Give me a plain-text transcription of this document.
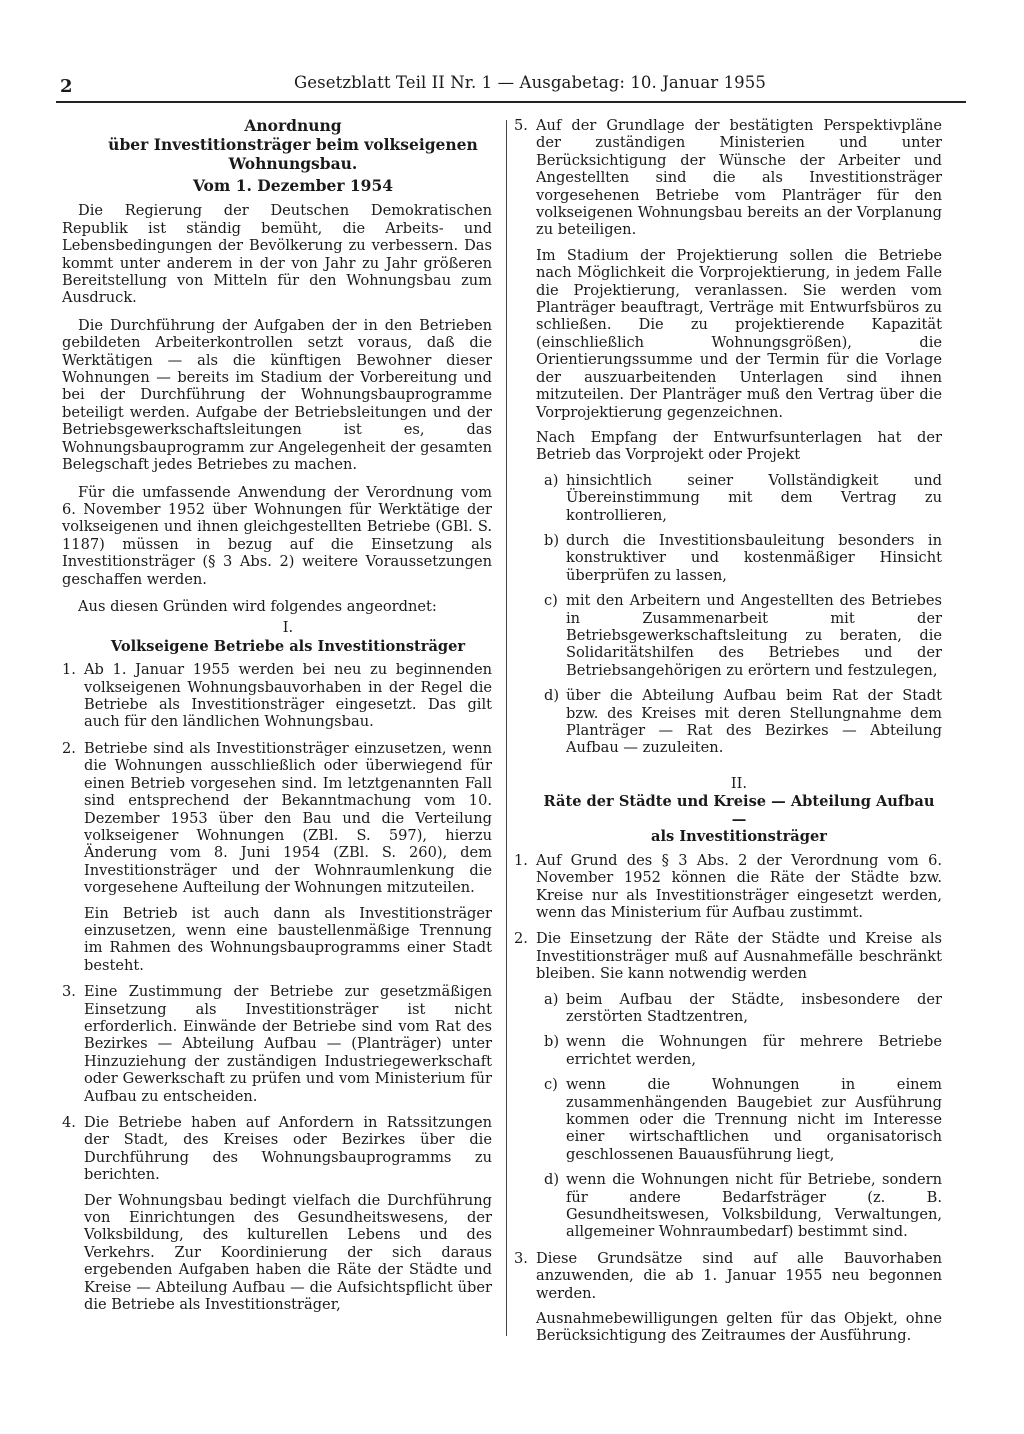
2	Gesetzblatt Teil II Nr. 1 — Ausgabetag: 10. Januar 1955
Anordnung
über Investitionsträger beim volkseigenen
Wohnungsbau.
Vom 1. Dezember 1954

Die Regierung der Deutschen Demokratischen Republik ist ständig bemüht, die Arbeits- und Lebensbedingungen der Bevölkerung zu verbessern. Das kommt unter anderem in der von Jahr zu Jahr größeren Bereitstellung von Mitteln für den Wohnungsbau zum Ausdruck.

Die Durchführung der Aufgaben der in den Betrieben gebildeten Arbeiterkontrollen setzt voraus, daß die Werktätigen — als die künftigen Bewohner dieser Wohnungen — bereits im Stadium der Vorbereitung und bei der Durchführung der Wohnungsbauprogramme beteiligt werden. Aufgabe der Betriebsleitungen und der Betriebsgewerkschaftsleitungen ist es, das Wohnungsbauprogramm zur Angelegenheit der gesamten Belegschaft jedes Betriebes zu machen.

Für die umfassende Anwendung der Verordnung vom 6. November 1952 über Wohnungen für Werktätige der volkseigenen und ihnen gleichgestellten Betriebe (GBl. S. 1187) müssen in bezug auf die Einsetzung als Investitionsträger (§ 3 Abs. 2) weitere Voraussetzungen geschaffen werden.

Aus diesen Gründen wird folgendes angeordnet:

I.
Volkseigene Betriebe als Investitionsträger
1. Ab 1. Januar 1955 werden bei neu zu beginnenden volkseigenen Wohnungsbauvorhaben in der Regel die Betriebe als Investitionsträger eingesetzt. Das gilt auch für den ländlichen Wohnungsbau.

2. Betriebe sind als Investitionsträger einzusetzen, wenn die Wohnungen ausschließlich oder überwiegend für einen Betrieb vorgesehen sind. Im letztgenannten Fall sind entsprechend der Bekanntmachung vom 10. Dezember 1953 über den Bau und die Verteilung volkseigener Wohnungen (ZBl. S. 597), hierzu Änderung vom 8. Juni 1954 (ZBl. S. 260), dem Investitionsträger und der Wohnraumlenkung die vorgesehene Aufteilung der Wohnungen mitzuteilen.

Ein Betrieb ist auch dann als Investitionsträger einzusetzen, wenn eine baustellenmäßige Trennung im Rahmen des Wohnungsbauprogramms einer Stadt besteht.

3. Eine Zustimmung der Betriebe zur gesetzmäßigen Einsetzung als Investitionsträger ist nicht erforderlich. Einwände der Betriebe sind vom Rat des Bezirkes — Abteilung Aufbau — (Planträger) unter Hinzuziehung der zuständigen Industriegewerkschaft oder Gewerkschaft zu prüfen und vom Ministerium für Aufbau zu entscheiden.

4. Die Betriebe haben auf Anfordern in Ratssitzungen der Stadt, des Kreises oder Bezirkes über die Durchführung des Wohnungsbauprogramms zu berichten.

Der Wohnungsbau bedingt vielfach die Durchführung von Einrichtungen des Gesundheitswesens, der Volksbildung, des kulturellen Lebens und des Verkehrs. Zur Koordinierung der sich daraus ergebenden Aufgaben haben die Räte der Städte und Kreise — Abteilung Aufbau — die Aufsichtspflicht über die Betriebe als Investitionsträger,

5. Auf der Grundlage der bestätigten Perspektivpläne der zuständigen Ministerien und unter Berücksichtigung der Wünsche der Arbeiter und Angestellten sind die als Investitionsträger vorgesehenen Betriebe vom Planträger für den volkseigenen Wohnungsbau bereits an der Vorplanung zu beteiligen.

Im Stadium der Projektierung sollen die Betriebe nach Möglichkeit die Vorprojektierung, in jedem Falle die Projektierung, veranlassen. Sie werden vom Planträger beauftragt, Verträge mit Entwurfsbüros zu schließen. Die zu projektierende Kapazität (einschließlich Wohnungsgrößen), die Orientierungssumme und der Termin für die Vorlage der auszuarbeitenden Unterlagen sind ihnen mitzuteilen. Der Planträger muß den Vertrag über die Vorprojektierung gegenzeichnen.

Nach Empfang der Entwurfsunterlagen hat der Betrieb das Vorprojekt oder Projekt

a) hinsichtlich seiner Vollständigkeit und Übereinstimmung mit dem Vertrag zu kontrollieren,
b) durch die Investitionsbauleitung besonders in konstruktiver und kostenmäßiger Hinsicht überprüfen zu lassen,
c) mit den Arbeitern und Angestellten des Betriebes in Zusammenarbeit mit der Betriebsgewerkschaftsleitung zu beraten, die Solidaritätshilfen des Betriebes und der Betriebsangehörigen zu erörtern und festzulegen,
d) über die Abteilung Aufbau beim Rat der Stadt bzw. des Kreises mit deren Stellungnahme dem Planträger — Rat des Bezirkes — Abteilung Aufbau — zuzuleiten.
II.
Räte der Städte und Kreise — Abteilung Aufbau —
als Investitionsträger
1. Auf Grund des § 3 Abs. 2 der Verordnung vom 6. November 1952 können die Räte der Städte bzw. Kreise nur als Investitionsträger eingesetzt werden, wenn das Ministerium für Aufbau zustimmt.

2. Die Einsetzung der Räte der Städte und Kreise als Investitionsträger muß auf Ausnahmefälle beschränkt bleiben. Sie kann notwendig werden

a) beim Aufbau der Städte, insbesondere der zerstörten Stadtzentren,
b) wenn die Wohnungen für mehrere Betriebe errichtet werden,
c) wenn die Wohnungen in einem zusammenhängenden Baugebiet zur Ausführung kommen oder die Trennung nicht im Interesse einer wirtschaftlichen und organisatorisch geschlossenen Bauausführung liegt,
d) wenn die Wohnungen nicht für Betriebe, sondern für andere Bedarfsträger (z. B. Gesundheitswesen, Volksbildung, Verwaltungen, allgemeiner Wohnraumbedarf) bestimmt sind.
3. Diese Grundsätze sind auf alle Bauvorhaben anzuwenden, die ab 1. Januar 1955 neu begonnen werden.

Ausnahmebewilligungen gelten für das Objekt, ohne Berücksichtigung des Zeitraumes der Ausführung.
